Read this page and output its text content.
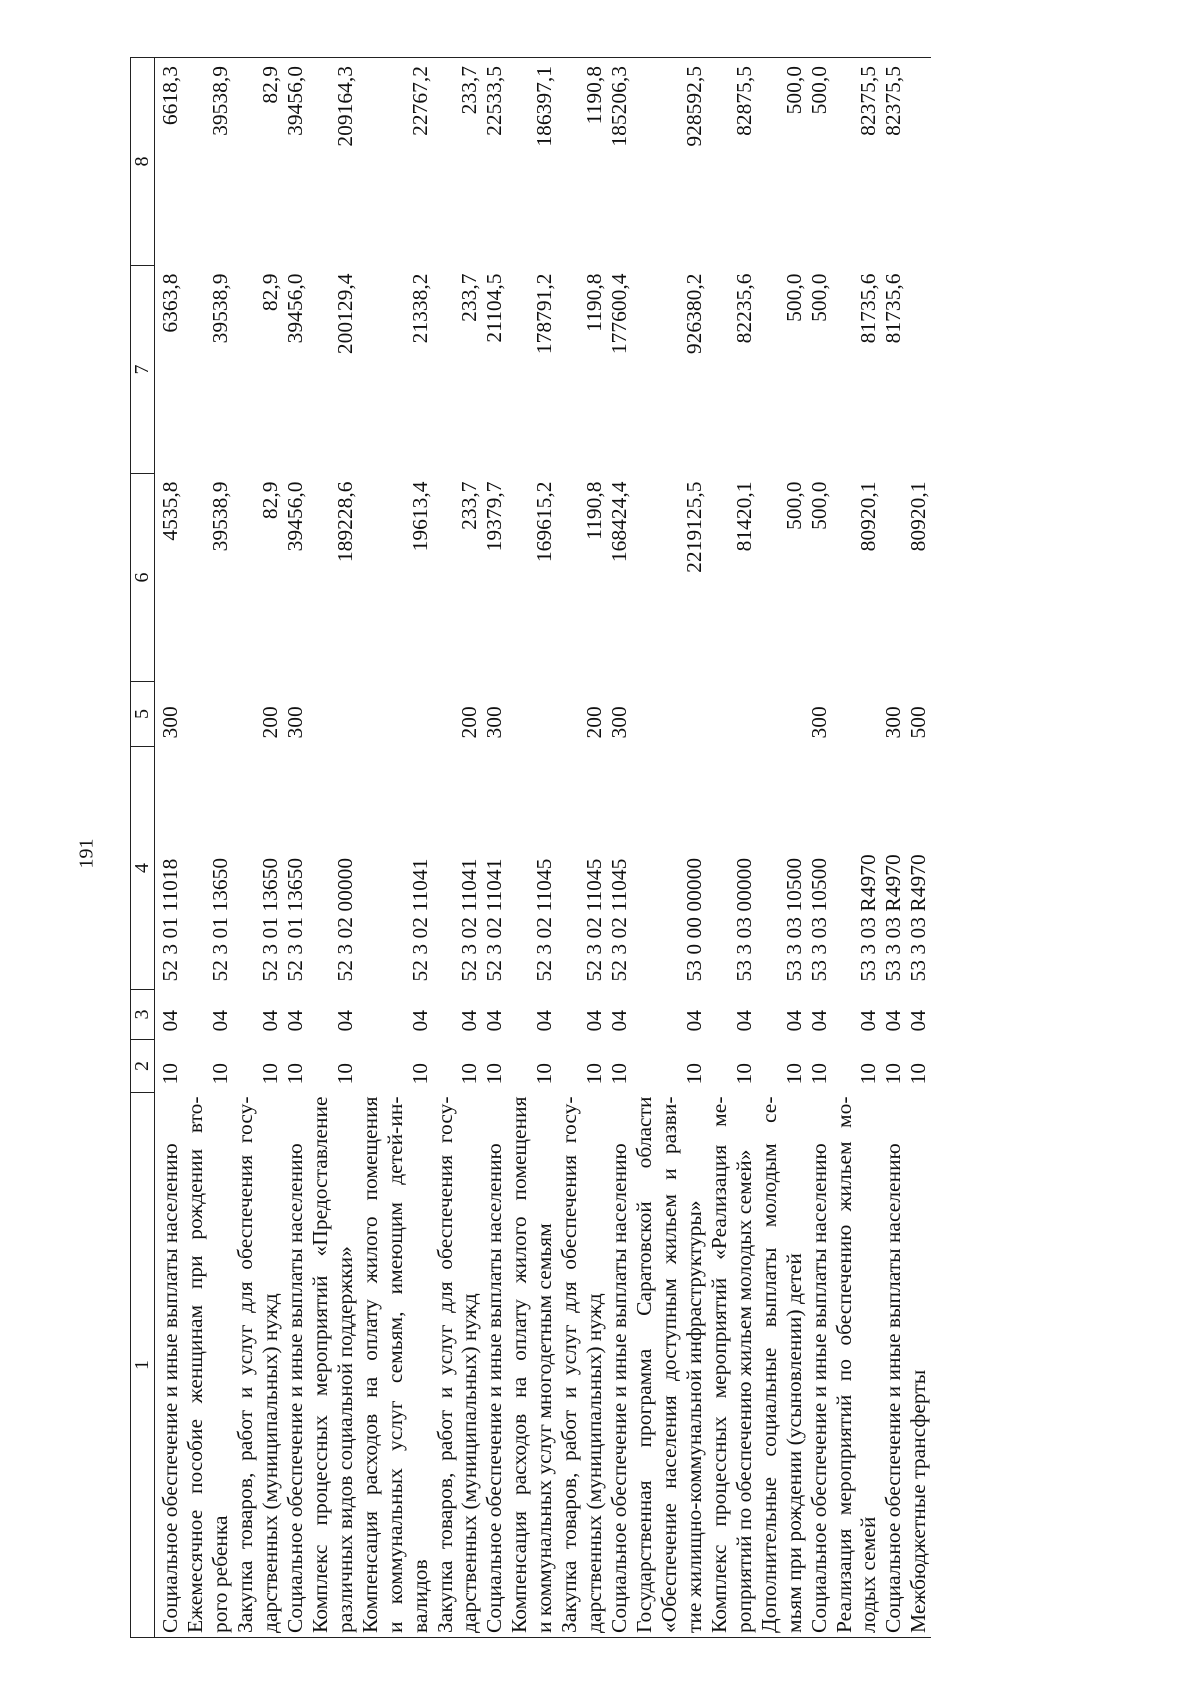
191
1	2	3	4	5	6	7	8

Социальное обеспечение и иные выплаты населению	10	04	52 3 01 11018	300	4535,8	6363,8	6618,3

Ежемесячное пособие женщинам при рождении вто- рого ребенка	10	04	52 3 01 13650		39538,9	39538,9	39538,9

Закупка товаров, работ и услуг для обеспечения госу- дарственных (муниципальных) нужд	10	04	52 3 01 13650	200	82,9	82,9	82,9

Социальное обеспечение и иные выплаты населению	10	04	52 3 01 13650	300	39456,0	39456,0	39456,0

Комплекс процессных мероприятий «Предоставление различных видов социальной поддержки»	10	04	52 3 02 00000		189228,6	200129,4	209164,3

Компенсация расходов на оплату жилого помещения и коммунальных услуг семьям, имеющим детей-ин- валидов	10	04	52 3 02 11041		19613,4	21338,2	22767,2

Закупка товаров, работ и услуг для обеспечения госу- дарственных (муниципальных) нужд	10	04	52 3 02 11041	200	233,7	233,7	233,7

Социальное обеспечение и иные выплаты населению	10	04	52 3 02 11041	300	19379,7	21104,5	22533,5

Компенсация расходов на оплату жилого помещения и коммунальных услуг многодетным семьям	10	04	52 3 02 11045		169615,2	178791,2	186397,1

Закупка товаров, работ и услуг для обеспечения госу- дарственных (муниципальных) нужд	10	04	52 3 02 11045	200	1190,8	1190,8	1190,8

Социальное обеспечение и иные выплаты населению	10	04	52 3 02 11045	300	168424,4	177600,4	185206,3

Государственная программа Саратовской области «Обеспечение населения доступным жильем и разви- тие жилищно-коммунальной инфраструктуры»	10	04	53 0 00 00000		2219125,5	926380,2	928592,5

Комплекс процессных мероприятий «Реализация ме- роприятий по обеспечению жильем молодых семей»	10	04	53 3 03 00000		81420,1	82235,6	82875,5

Дополнительные социальные выплаты молодым се- мьям при рождении (усыновлении) детей	10	04	53 3 03 10500		500,0	500,0	500,0

Социальное обеспечение и иные выплаты населению	10	04	53 3 03 10500	300	500,0	500,0	500,0

Реализация мероприятий по обеспечению жильем мо- лодых семей	10	04	53 3 03 R4970		80920,1	81735,6	82375,5

Социальное обеспечение и иные выплаты населению	10	04	53 3 03 R4970	300		81735,6	82375,5

Межбюджетные трансферты	10	04	53 3 03 R4970	500	80920,1		
